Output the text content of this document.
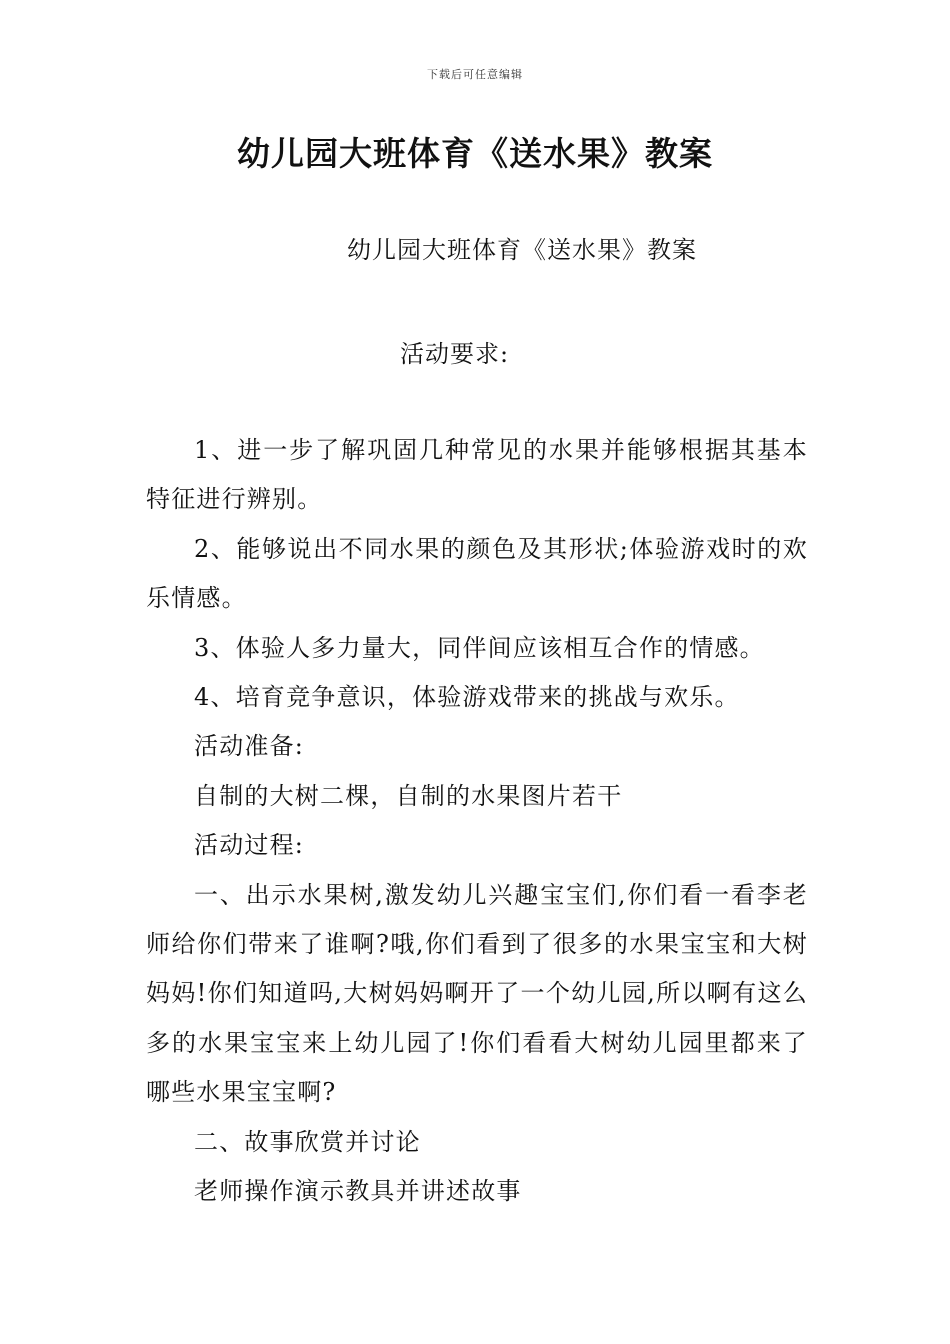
下载后可任意编辑
幼儿园大班体育《送水果》教案
幼儿园大班体育《送水果》教案
活动要求:

1、进一步了解巩固几种常见的水果并能够根据其基本特征进行辨别。

2、能够说出不同水果的颜色及其形状;体验游戏时的欢乐情感。

3、体验人多力量大，同伴间应该相互合作的情感。

4、培育竞争意识，体验游戏带来的挑战与欢乐。

活动准备:

自制的大树二棵，自制的水果图片若干

活动过程:

一、出示水果树,激发幼儿兴趣宝宝们,你们看一看李老师给你们带来了谁啊?哦,你们看到了很多的水果宝宝和大树妈妈!你们知道吗,大树妈妈啊开了一个幼儿园,所以啊有这么多的水果宝宝来上幼儿园了!你们看看大树幼儿园里都来了哪些水果宝宝啊?

二、故事欣赏并讨论

老师操作演示教具并讲述故事
